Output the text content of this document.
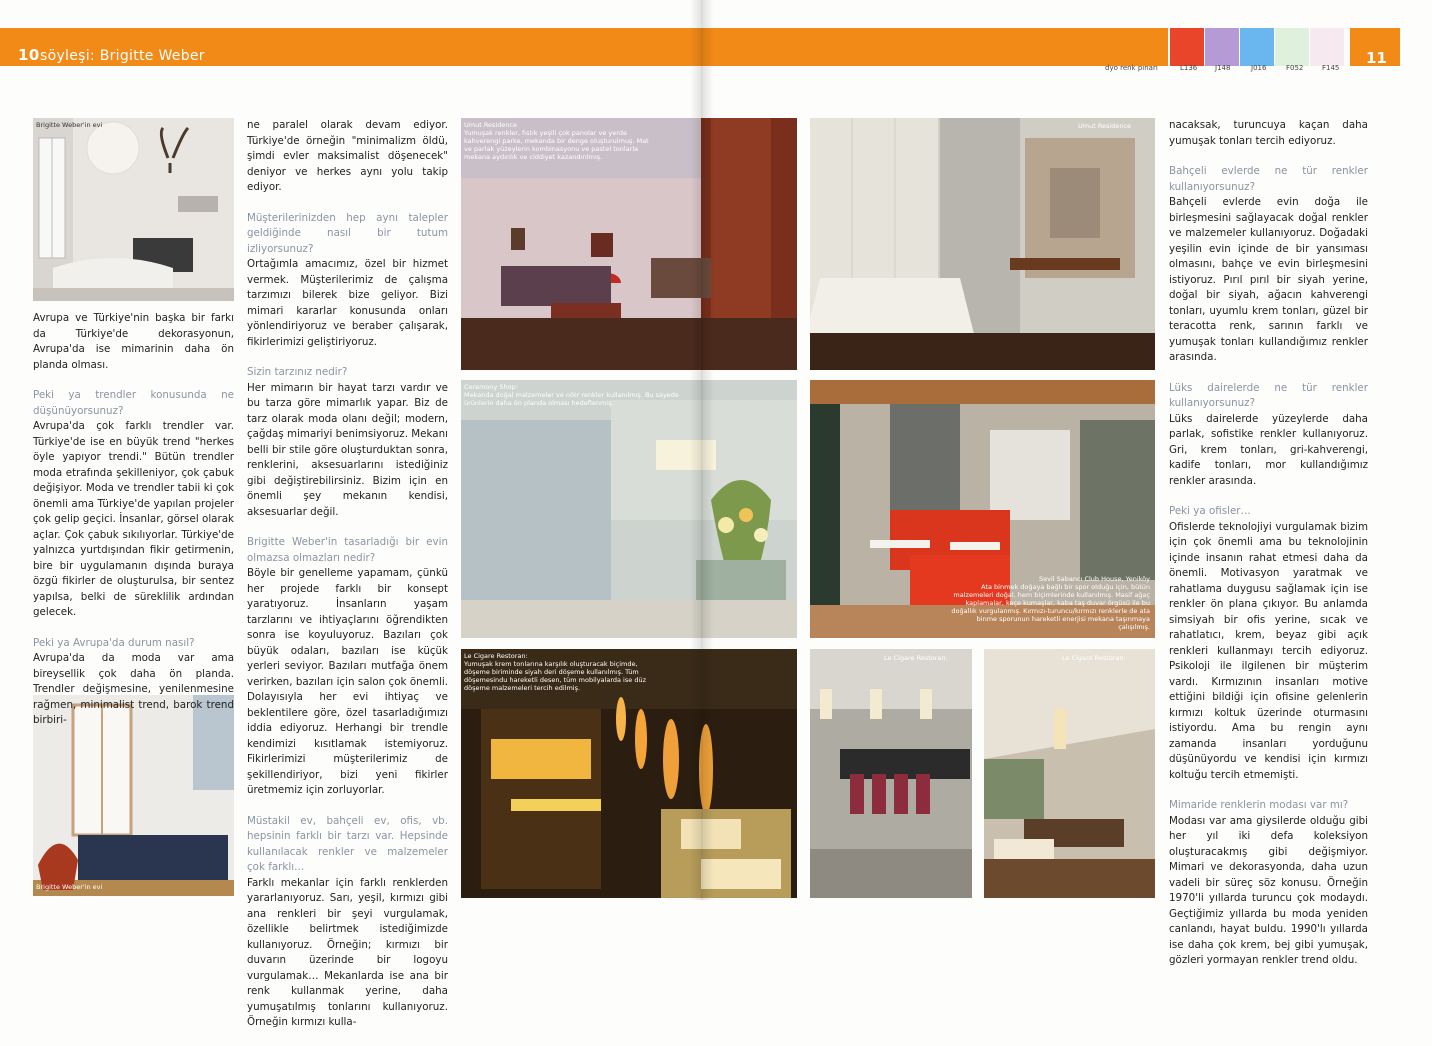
10 söyleşi: Brigitte Weber	11
dyo renk pınarı	L136	J148	J016	F052	F145
Brigitte Weber'in evi
Brigitte Weber'in evi
Umut Residence
Yumuşak renkler, fıstık yeşili çok panolar ve yerde kahverengi parke, mekanda bir denge oluşturulmuş. Mat ve parlak yüzeylerin kombinasyonu ve pastel tonlarla mekana aydınlık ve ciddiyet kazandırılmış.
Umut Residence
Ceremony Shop:
Mekanda doğal malzemeler ve nötr renkler kullanılmış. Bu sayede ürünlerin daha ön planda olması hedeflenmiş.
Sevil Sabancı Club House, Yeniköy
Ata binmek doğaya bağlı bir spor olduğu için, bütün malzemeleri doğal, hem biçimlerinde kullanılmış. Masif ağaç kaplamalar, keçe kumaşlar, kaba taş duvar örgüsü ile bu doğallık vurgulanmış. Kırmızı-turuncu/kırmızı renklerle de ata binme sporunun hareketli enerjisi mekana taşınmaya çalışılmış.
Le Cigare Restoran:
Yumuşak krem tonlarına karşılık oluşturacak biçimde, döşeme biriminde siyah deri döşeme kullanılmış. Tüm döşemesindu hareketli desen, tüm mobilyalarda ise düz döşeme malzemeleri tercih edilmiş.
Le Cigare Restoran:	Le Cigare Restoran:

Avrupa ve Türkiye'nin başka bir farkı da Türkiye'de dekorasyonun, Avrupa'da ise mimarinin daha ön planda olması.

Peki ya trendler konusunda ne düşünüyorsunuz?

Avrupa'da çok farklı trendler var. Türkiye'de ise en büyük trend "herkes öyle yapıyor trendi." Bütün trendler moda etrafında şekilleniyor, çok çabuk değişiyor. Moda ve trendler tabii ki çok önemli ama Türkiye'de yapılan projeler çok gelip geçici. İnsanlar, görsel olarak açlar. Çok çabuk sıkılıyorlar. Türkiye'de yalnızca yurtdışından fikir getirmenin, bire bir uygulamanın dışında buraya özgü fikirler de oluşturulsa, bir sentez yapılsa, belki de süreklilik ardından gelecek.

Peki ya Avrupa'da durum nasıl?

Avrupa'da da moda var ama bireysellik çok daha ön planda. Trendler değişmesine, yenilenmesine rağmen, minimalist trend, barok trend birbiri-

ne paralel olarak devam ediyor. Türkiye'de örneğin "minimalizm öldü, şimdi evler maksimalist döşenecek" deniyor ve herkes aynı yolu takip ediyor.

Müşterilerinizden hep aynı talepler geldiğinde nasıl bir tutum izliyorsunuz?

Ortağımla amacımız, özel bir hizmet vermek. Müşterilerimiz de çalışma tarzımızı bilerek bize geliyor. Bizi mimari kararlar konusunda onları yönlendiriyoruz ve beraber çalışarak, fikirlerimizi geliştiriyoruz.

Sizin tarzınız nedir?

Her mimarın bir hayat tarzı vardır ve bu tarza göre mimarlık yapar. Biz de tarz olarak moda olanı değil; modern, çağdaş mimariyi benimsiyoruz. Mekanı belli bir stile göre oluşturduktan sonra, renklerini, aksesuarlarını istediğiniz gibi değiştirebilirsiniz. Bizim için en önemli şey mekanın kendisi, aksesuarlar değil.

Brigitte Weber'in tasarladığı bir evin olmazsa olmazları nedir?

Böyle bir genelleme yapamam, çünkü her projede farklı bir konsept yaratıyoruz. İnsanların yaşam tarzlarını ve ihtiyaçlarını öğrendikten sonra ise koyuluyoruz. Bazıları çok büyük odaları, bazıları ise küçük yerleri seviyor. Bazıları mutfağa önem verirken, bazıları için salon çok önemli. Dolayısıyla her evi ihtiyaç ve beklentilere göre, özel tasarladığımızı iddia ediyoruz. Herhangi bir trendle kendimizi kısıtlamak istemiyoruz. Fikirlerimizi müşterilerimiz de şekillendiriyor, bizi yeni fikirler üretmemiz için zorluyorlar.

Müstakil ev, bahçeli ev, ofis, vb. hepsinin farklı bir tarzı var. Hepsinde kullanılacak renkler ve malzemeler çok farklı…

Farklı mekanlar için farklı renklerden yararlanıyoruz. Sarı, yeşil, kırmızı gibi ana renkleri bir şeyi vurgulamak, özellikle belirtmek istediğimizde kullanıyoruz. Örneğin; kırmızı bir duvarın üzerinde bir logoyu vurgulamak… Mekanlarda ise ana bir renk kullanmak yerine, daha yumuşatılmış tonlarını kullanıyoruz. Örneğin kırmızı kulla-

nacaksak, turuncuya kaçan daha yumuşak tonları tercih ediyoruz.

Bahçeli evlerde ne tür renkler kullanıyorsunuz?

Bahçeli evlerde evin doğa ile birleşmesini sağlayacak doğal renkler ve malzemeler kullanıyoruz. Doğadaki yeşilin evin içinde de bir yansıması olmasını, bahçe ve evin birleşmesini istiyoruz. Pırıl pırıl bir siyah yerine, doğal bir siyah, ağacın kahverengi tonları, uyumlu krem tonları, güzel bir teracotta renk, sarının farklı ve yumuşak tonları kullandığımız renkler arasında.

Lüks dairelerde ne tür renkler kullanıyorsunuz?

Lüks dairelerde yüzeylerde daha parlak, sofistike renkler kullanıyoruz. Gri, krem tonları, gri-kahverengi, kadife tonları, mor kullandığımız renkler arasında.

Peki ya ofisler…

Ofislerde teknolojiyi vurgulamak bizim için çok önemli ama bu teknolojinin içinde insanın rahat etmesi daha da önemli. Motivasyon yaratmak ve rahatlama duygusu sağlamak için ise renkler ön plana çıkıyor. Bu anlamda simsiyah bir ofis yerine, sıcak ve rahatlatıcı, krem, beyaz gibi açık renkleri kullanmayı tercih ediyoruz. Psikoloji ile ilgilenen bir müşterim vardı. Kırmızının insanları motive ettiğini bildiği için ofisine gelenlerin kırmızı koltuk üzerinde oturmasını istiyordu. Ama bu rengin aynı zamanda insanları yorduğunu düşünüyordu ve kendisi için kırmızı koltuğu tercih etmemişti.

Mimaride renklerin modası var mı?

Modası var ama giysilerde olduğu gibi her yıl iki defa koleksiyon oluşturacakmış gibi değişmiyor. Mimari ve dekorasyonda, daha uzun vadeli bir süreç söz konusu. Örneğin 1970'li yıllarda turuncu çok modaydı. Geçtiğimiz yıllarda bu moda yeniden canlandı, hayat buldu. 1990'lı yıllarda ise daha çok krem, bej gibi yumuşak, gözleri yormayan renkler trend oldu.
